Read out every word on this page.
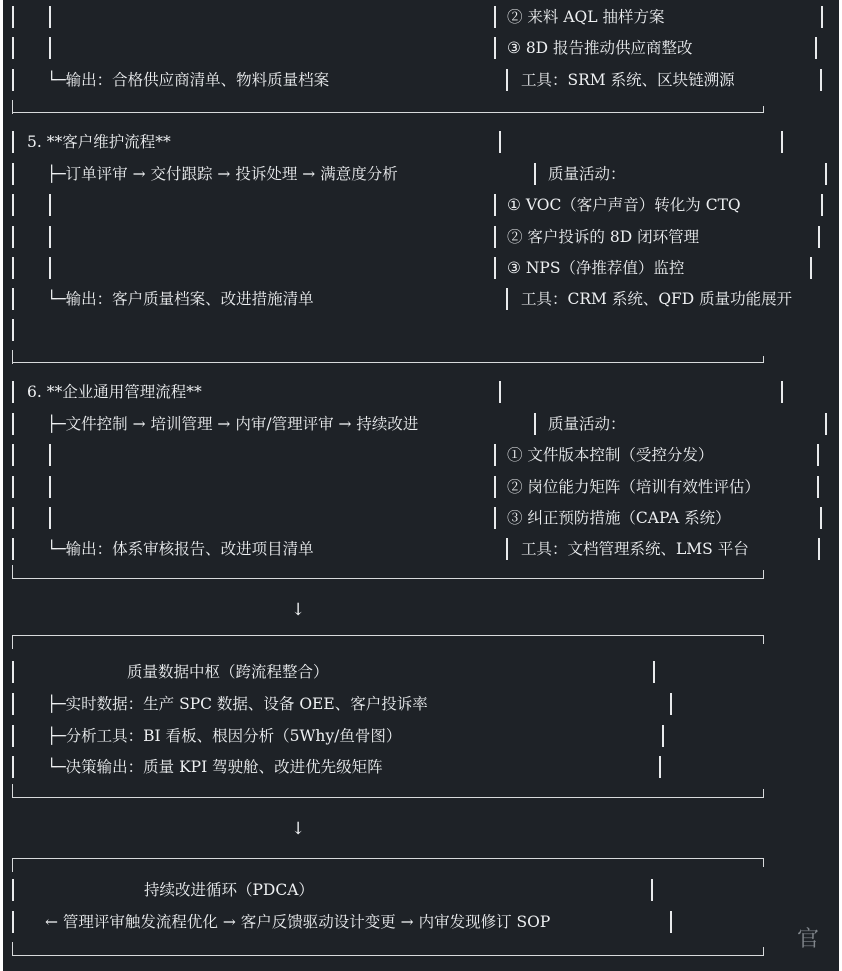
② 来料 AQL 抽样方案
③ 8D 报告推动供应商整改
└─输出：合格供应商清单、物料质量档案	工具：SRM 系统、区块链溯源
5. **客户维护流程**
├─订单评审 → 交付跟踪 → 投诉处理 → 满意度分析	质量活动：
① VOC（客户声音）转化为 CTQ
② 客户投诉的 8D 闭环管理
③ NPS（净推荐值）监控
└─输出：客户质量档案、改进措施清单	工具：CRM 系统、QFD 质量功能展开
6. **企业通用管理流程**
├─文件控制 → 培训管理 → 内审/管理评审 → 持续改进	质量活动：
① 文件版本控制（受控分发）
② 岗位能力矩阵（培训有效性评估）
③ 纠正预防措施（CAPA 系统）
└─输出：体系审核报告、改进项目清单	工具：文档管理系统、LMS 平台
↓
质量数据中枢（跨流程整合）
├─实时数据：生产 SPC 数据、设备 OEE、客户投诉率
├─分析工具：BI 看板、根因分析（5Why/鱼骨图）
└─决策输出：质量 KPI 驾驶舱、改进优先级矩阵
↓
持续改进循环（PDCA）
← 管理评审触发流程优化 → 客户反馈驱动设计变更 → 内审发现修订 SOP
官
